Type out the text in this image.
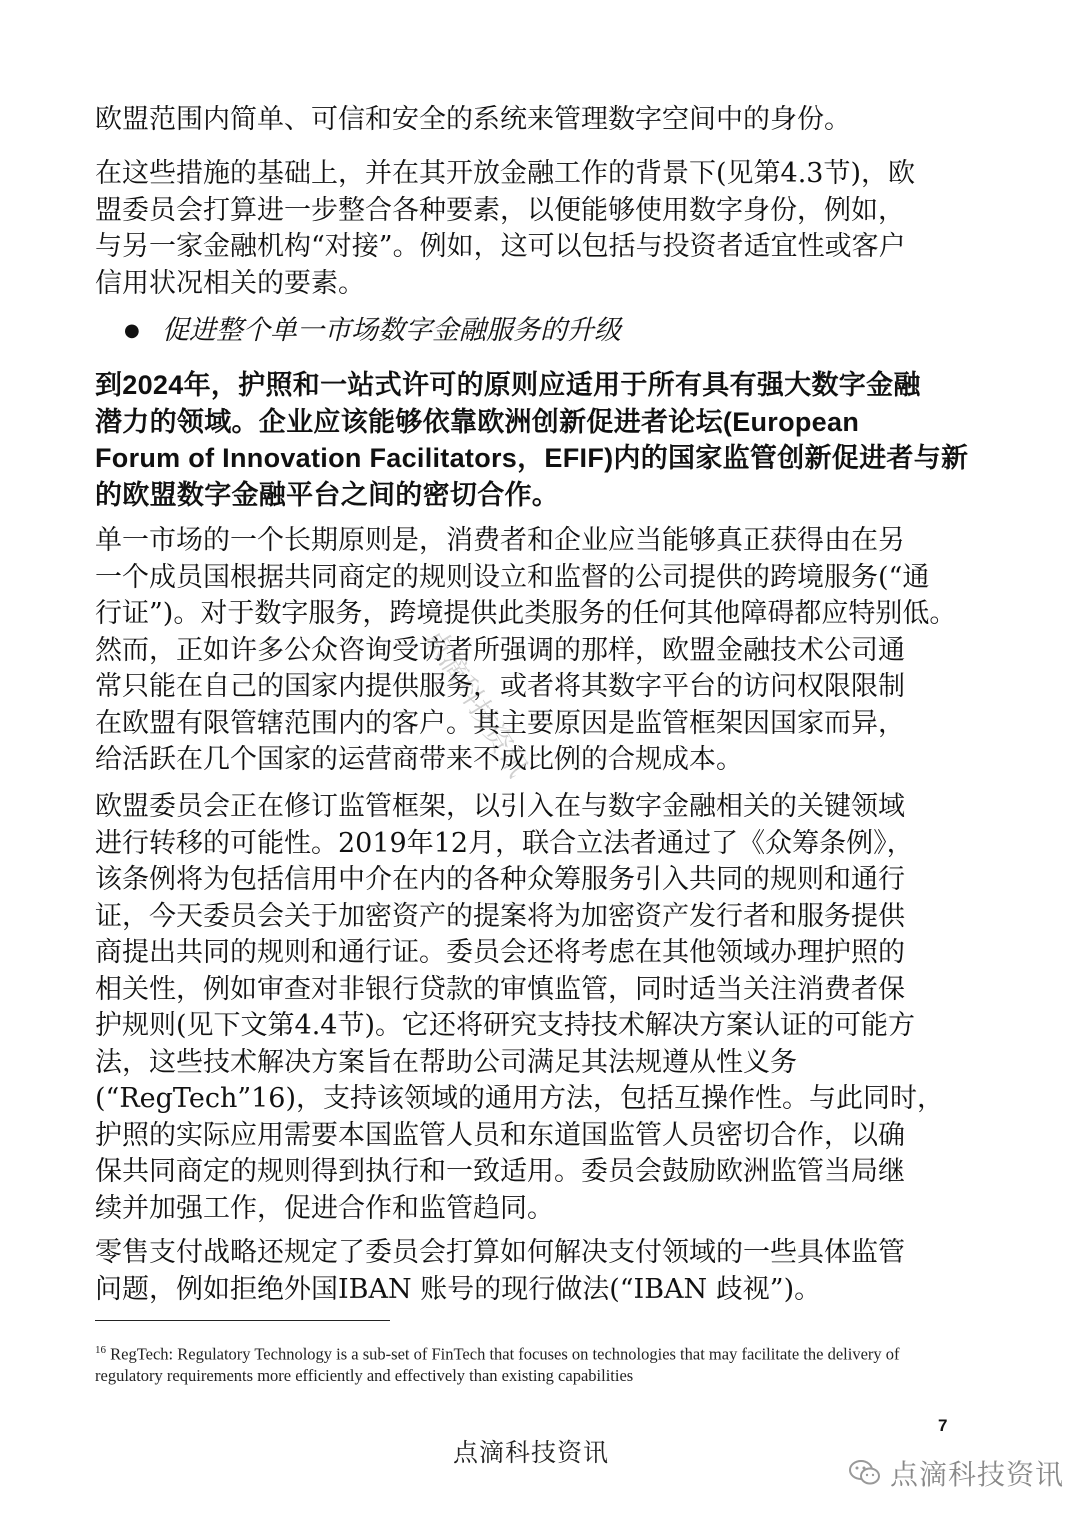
点滴科技资讯
欧盟范围内简单、可信和安全的系统来管理数字空间中的身份。
在这些措施的基础上，并在其开放金融工作的背景下(见第4.3节)，欧
盟委员会打算进一步整合各种要素，以便能够使用数字身份，例如，
与另一家金融机构“对接”。例如，这可以包括与投资者适宜性或客户
信用状况相关的要素。
● 促进整个单一市场数字金融服务的升级
到2024年，护照和一站式许可的原则应适用于所有具有强大数字金融
潜力的领域。企业应该能够依靠欧洲创新促进者论坛(European
Forum of Innovation Facilitators，EFIF)内的国家监管创新促进者与新
的欧盟数字金融平台之间的密切合作。
单一市场的一个长期原则是，消费者和企业应当能够真正获得由在另
一个成员国根据共同商定的规则设立和监督的公司提供的跨境服务(“通
行证”)。对于数字服务，跨境提供此类服务的任何其他障碍都应特别低。
然而，正如许多公众咨询受访者所强调的那样，欧盟金融技术公司通
常只能在自己的国家内提供服务，或者将其数字平台的访问权限限制
在欧盟有限管辖范围内的客户。其主要原因是监管框架因国家而异，
给活跃在几个国家的运营商带来不成比例的合规成本。
欧盟委员会正在修订监管框架，以引入在与数字金融相关的关键领域
进行转移的可能性。2019年12月，联合立法者通过了《众筹条例》，
该条例将为包括信用中介在内的各种众筹服务引入共同的规则和通行
证，今天委员会关于加密资产的提案将为加密资产发行者和服务提供
商提出共同的规则和通行证。委员会还将考虑在其他领域办理护照的
相关性，例如审查对非银行贷款的审慎监管，同时适当关注消费者保
护规则(见下文第4.4节)。它还将研究支持技术解决方案认证的可能方
法，这些技术解决方案旨在帮助公司满足其法规遵从性义务
(“RegTech”16)，支持该领域的通用方法，包括互操作性。与此同时，
护照的实际应用需要本国监管人员和东道国监管人员密切合作，以确
保共同商定的规则得到执行和一致适用。委员会鼓励欧洲监管当局继
续并加强工作，促进合作和监管趋同。
零售支付战略还规定了委员会打算如何解决支付领域的一些具体监管
问题，例如拒绝外国IBAN 账号的现行做法(“IBAN 歧视”)。
$^{16}$ RegTech: Regulatory Technology is a sub-set of FinTech that focuses on technologies that may facilitate the delivery of
regulatory requirements more efficiently and effectively than existing capabilities
7
点滴科技资讯
点滴科技资讯
